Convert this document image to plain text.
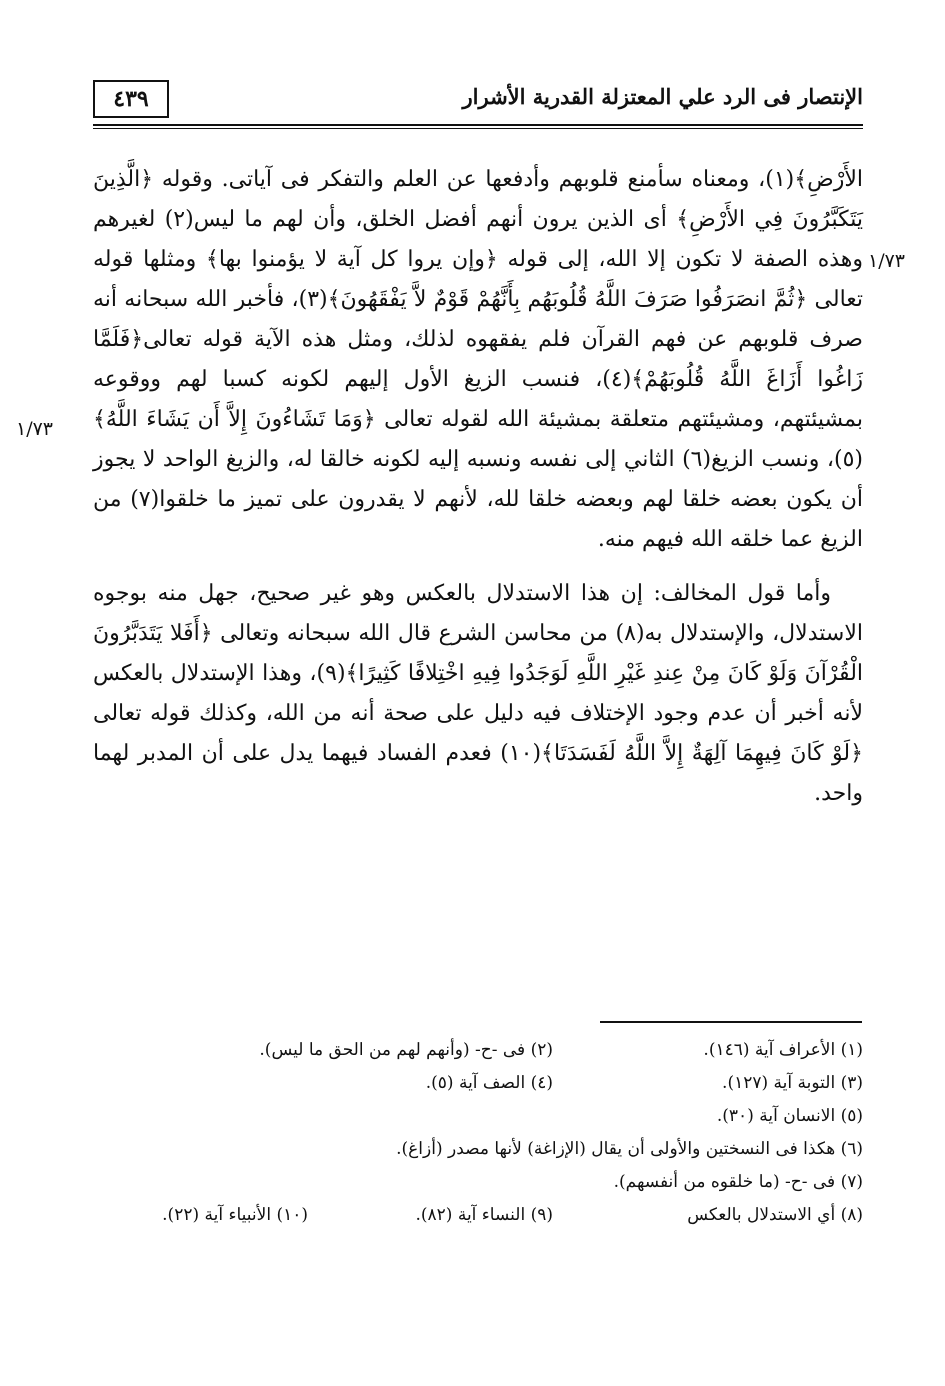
٤٣٩	الإنتصار فى الرد علي المعتزلة القدرية الأشرار
١/٧٣
١/٧٣

الأَرْضِ﴾(١)، ومعناه سأمنع قلوبهم وأدفعها عن العلم والتفكر فى آياتى. وقوله ﴿الَّذِينَ يَتَكَبَّرُونَ فِي الأَرْضِ﴾ أى الذين يرون أنهم أفضل الخلق، وأن لهم ما ليس(٢) لغيرهم وهذه الصفة لا تكون إلا الله، إلى قوله ﴿وإن يروا كل آية لا يؤمنوا بها﴾ ومثلها قوله تعالى ﴿ثُمَّ انصَرَفُوا صَرَفَ اللَّهُ قُلُوبَهُم بِأَنَّهُمْ قَوْمٌ لاَّ يَفْقَهُونَ﴾(٣)، فأخبر الله سبحانه أنه صرف قلوبهم عن فهم القرآن فلم يفقهوه لذلك، ومثل هذه الآية قوله تعالى﴿فَلَمَّا زَاغُوا أَزَاغَ اللَّهُ قُلُوبَهُمْ﴾(٤)، فنسب الزيغ الأول إليهم لكونه كسبا لهم ووقوعه بمشيئتهم، ومشيئتهم متعلقة بمشيئة الله لقوله تعالى ﴿وَمَا تَشَاءُونَ إِلاَّ أَن يَشَاءَ اللَّهُ﴾(٥)، ونسب الزيغ(٦) الثاني إلى نفسه ونسبه إليه لكونه خالقا له، والزيغ الواحد لا يجوز أن يكون بعضه خلقا لهم وبعضه خلقا لله، لأنهم لا يقدرون على تميز ما خلقوا(٧) من الزيغ عما خلقه الله فيهم منه.

وأما قول المخالف: إن هذا الاستدلال بالعكس وهو غير صحيح، جهل منه بوجوه الاستدلال، والإستدلال به(٨) من محاسن الشرع قال الله سبحانه وتعالى ﴿أَفَلا يَتَدَبَّرُونَ الْقُرْآنَ وَلَوْ كَانَ مِنْ عِندِ غَيْرِ اللَّهِ لَوَجَدُوا فِيهِ اخْتِلافًا كَثِيرًا﴾(٩)، وهذا الإستدلال بالعكس لأنه أخبر أن عدم وجود الإختلاف فيه دليل على صحة أنه من الله، وكذلك قوله تعالى ﴿لَوْ كَانَ فِيهِمَا آلِهَةٌ إِلاَّ اللَّهُ لَفَسَدَتَا﴾(١٠) فعدم الفساد فيهما يدل على أن المدبر لهما واحد.

(١) الأعراف آية (١٤٦).
(٢) فى -ح- (وأنهم لهم من الحق ما ليس).
(٣) التوبة آية (١٢٧).
(٤) الصف آية (٥).
(٥) الانسان آية (٣٠).
(٦) هكذا فى النسختين والأولى أن يقال (الإزاغة) لأنها مصدر (أزاغ).
(٧) فى -ح- (ما خلقوه من أنفسهم).
(٨) أي الاستدلال بالعكس
(٩) النساء آية (٨٢).
(١٠) الأنبياء آية (٢٢).
